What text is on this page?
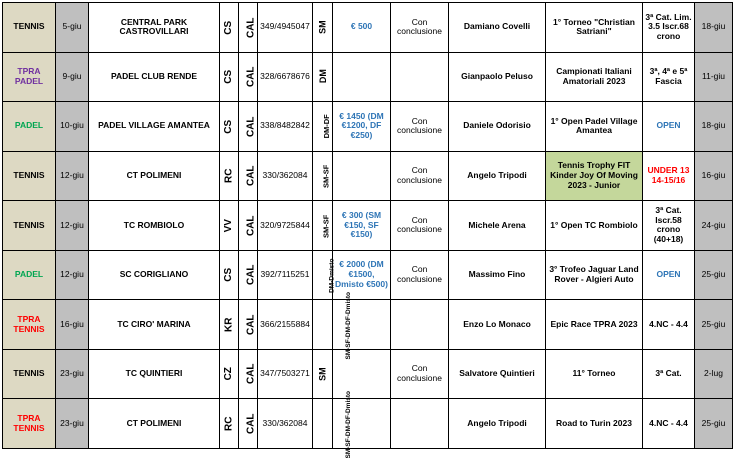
TENNIS	5-giu	CENTRAL PARK CASTROVILLARI	CS	CAL	349/4945047	SM	€ 500	Con conclusione	Damiano Covelli	1° Torneo "Christian Satriani"	3ª Cat. Lim. 3.5 Iscr.68 crono	18-giu
TPRA PADEL	9-giu	PADEL CLUB RENDE	CS	CAL	328/6678676	DM			Gianpaolo Peluso	Campionati Italiani Amatoriali 2023	3ª, 4ª e 5ª Fascia	11-giu
PADEL	10-giu	PADEL VILLAGE AMANTEA	CS	CAL	338/8482842	DM-DF	€ 1450 (DM €1200, DF €250)	Con conclusione	Daniele Odorisio	1° Open Padel Village Amantea	OPEN	18-giu
TENNIS	12-giu	CT POLIMENI	RC	CAL	330/362084	SM-SF		Con conclusione	Angelo Tripodi	Tennis Trophy FIT Kinder Joy Of Moving 2023 - Junior	UNDER 13 14-15/16	16-giu
TENNIS	12-giu	TC ROMBIOLO	VV	CAL	320/9725844	SM-SF	€ 300 (SM €150, SF €150)	Con conclusione	Michele Arena	1° Open TC Rombiolo	3ª Cat. Iscr.58 crono (40+18)	24-giu
PADEL	12-giu	SC CORIGLIANO	CS	CAL	392/7115251	DM-Dmisto	€ 2000 (DM €1500, Dmisto €500)	Con conclusione	Massimo Fino	3° Trofeo Jaguar Land Rover - Algieri Auto	OPEN	25-giu
TPRA TENNIS	16-giu	TC CIRO' MARINA	KR	CAL	366/2155884	SM-SF-DM-DF-Dmisto			Enzo Lo Monaco	Epic Race TPRA 2023	4.NC - 4.4	25-giu
TENNIS	23-giu	TC QUINTIERI	CZ	CAL	347/7503271	SM		Con conclusione	Salvatore Quintieri	11° Torneo	3ª Cat.	2-lug
TPRA TENNIS	23-giu	CT POLIMENI	RC	CAL	330/362084	SM-SF-DM-DF-Dmisto			Angelo Tripodi	Road to Turin 2023	4.NC - 4.4	25-giu
